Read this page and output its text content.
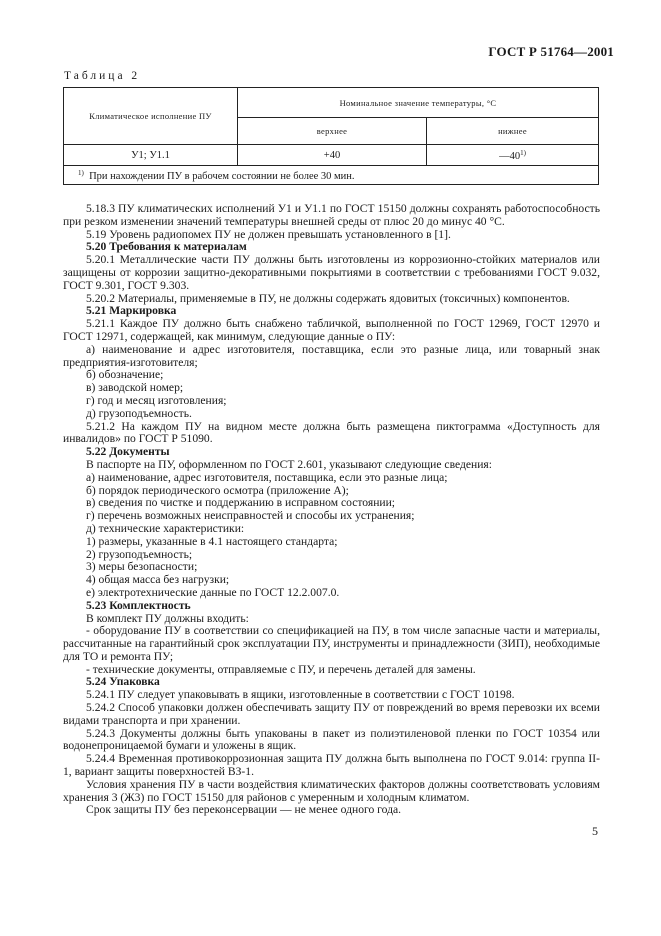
ГОСТ Р 51764—2001
Таблица 2
Климатическое исполнение ПУ	Номинальное значение температуры, °С	
	верхнее	нижнее
У1; У1.1	+40	—40$^{1)}$
$^{1)}$ При нахождении ПУ в рабочем состоянии не более 30 мин.		

5.18.3 ПУ климатических исполнений У1 и У1.1 по ГОСТ 15150 должны сохранять работоспособность при резком изменении значений температуры внешней среды от плюс 20 до минус 40 °С.

5.19 Уровень радиопомех ПУ не должен превышать установленного в [1].

5.20 Требования к материалам

5.20.1 Металлические части ПУ должны быть изготовлены из коррозионно-стойких материалов или защищены от коррозии защитно-декоративными покрытиями в соответствии с требованиями ГОСТ 9.032, ГОСТ 9.301, ГОСТ 9.303.

5.20.2 Материалы, применяемые в ПУ, не должны содержать ядовитых (токсичных) компонентов.

5.21 Маркировка

5.21.1 Каждое ПУ должно быть снабжено табличкой, выполненной по ГОСТ 12969, ГОСТ 12970 и ГОСТ 12971, содержащей, как минимум, следующие данные о ПУ:

а) наименование и адрес изготовителя, поставщика, если это разные лица, или товарный знак предприятия-изготовителя;

б) обозначение;

в) заводской номер;

г) год и месяц изготовления;

д) грузоподъемность.

5.21.2 На каждом ПУ на видном месте должна быть размещена пиктограмма «Доступность для инвалидов» по ГОСТ Р 51090.

5.22 Документы

В паспорте на ПУ, оформленном по ГОСТ 2.601, указывают следующие сведения:

а) наименование, адрес изготовителя, поставщика, если это разные лица;

б) порядок периодического осмотра (приложение А);

в) сведения по чистке и поддержанию в исправном состоянии;

г) перечень возможных неисправностей и способы их устранения;

д) технические характеристики:

1) размеры, указанные в 4.1 настоящего стандарта;

2) грузоподъемность;

3) меры безопасности;

4) общая масса без нагрузки;

е) электротехнические данные по ГОСТ 12.2.007.0.

5.23 Комплектность

В комплект ПУ должны входить:

- оборудование ПУ в соответствии со спецификацией на ПУ, в том числе запасные части и материалы, рассчитанные на гарантийный срок эксплуатации ПУ, инструменты и принадлежности (ЗИП), необходимые для ТО и ремонта ПУ;

- технические документы, отправляемые с ПУ, и перечень деталей для замены.

5.24 Упаковка

5.24.1 ПУ следует упаковывать в ящики, изготовленные в соответствии с ГОСТ 10198.

5.24.2 Способ упаковки должен обеспечивать защиту ПУ от повреждений во время перевозки их всеми видами транспорта и при хранении.

5.24.3 Документы должны быть упакованы в пакет из полиэтиленовой пленки по ГОСТ 10354 или водонепроницаемой бумаги и уложены в ящик.

5.24.4 Временная противокоррозионная защита ПУ должна быть выполнена по ГОСТ 9.014: группа II-1, вариант защиты поверхностей ВЗ-1.

Условия хранения ПУ в части воздействия климатических факторов должны соответствовать условиям хранения 3 (Ж3) по ГОСТ 15150 для районов с умеренным и холодным климатом.

Срок защиты ПУ без переконсервации — не менее одного года.

5
